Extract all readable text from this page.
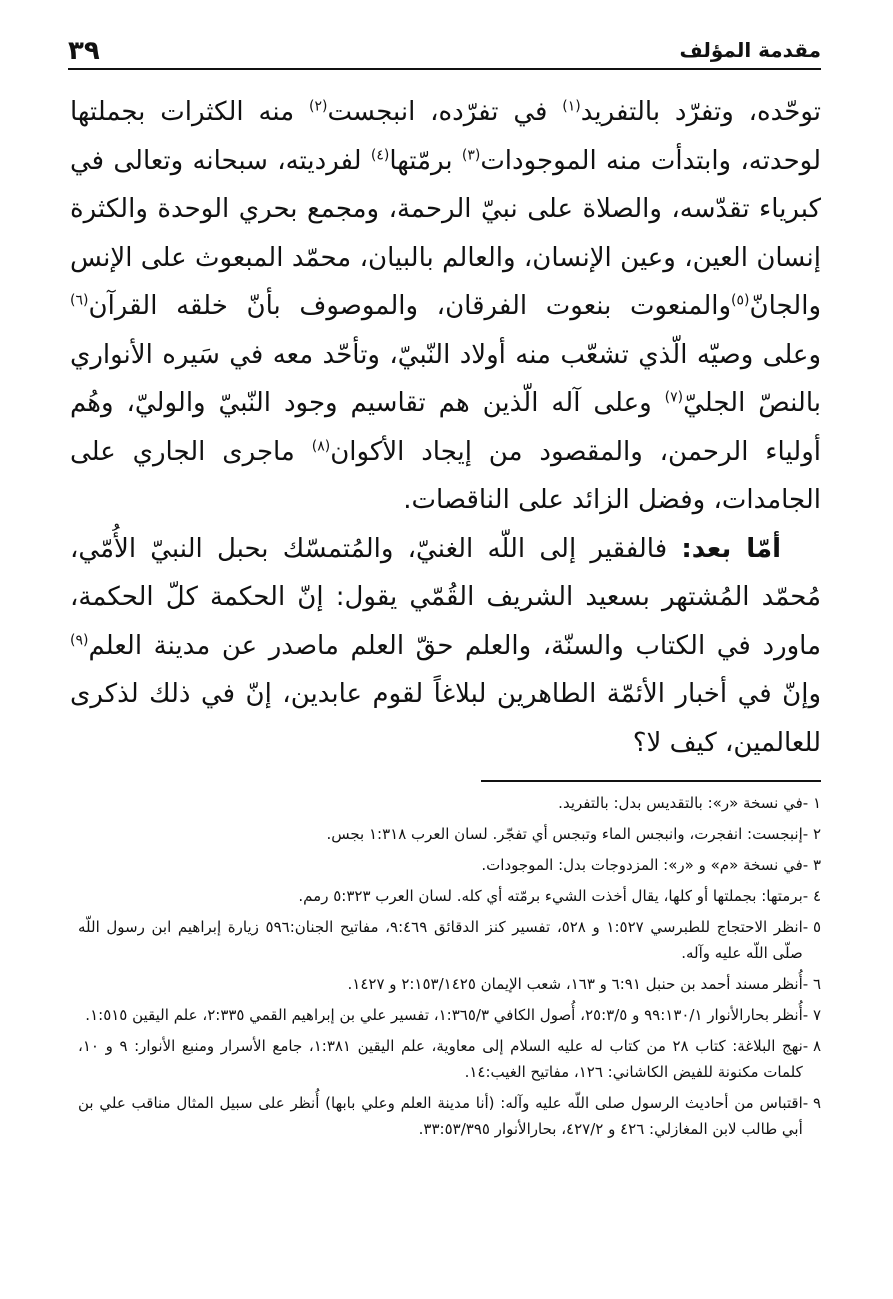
مقدمة المؤلف
٣٩

توحّده، وتفرّد بالتفريد$^{(١)}$ في تفرّده، انبجست$^{(٢)}$ منه الكثرات بجملتها لوحدته، وابتدأت منه الموجودات$^{(٣)}$ برمّتها$^{(٤)}$ لفرديته، سبحانه وتعالى في كبرياء تقدّسه، والصلاة على نبيّ الرحمة، ومجمع بحري الوحدة والكثرة إنسان العين، وعين الإنسان، والعالم بالبيان، محمّد المبعوث على الإنس والجانّ$^{(٥)}$والمنعوت بنعوت الفرقان، والموصوف بأنّ خلقه القرآن$^{(٦)}$ وعلى وصيّه الّذي تشعّب منه أولاد النّبيّ، وتأحّد معه في سَيره الأنواري بالنصّ الجليّ$^{(٧)}$ وعلى آله الّذين هم تقاسيم وجود النّبيّ والوليّ، وهُم أولياء الرحمن، والمقصود من إيجاد الأكوان$^{(٨)}$ ماجرى الجاري على الجامدات، وفضل الزائد على الناقصات.

أمّا بعد: فالفقير إلى اللّه الغنيّ، والمُتمسّك بحبل النبيّ الأُمّي، مُحمّد المُشتهر بسعيد الشريف القُمّي يقول: إنّ الحكمة كلّ الحكمة، ماورد في الكتاب والسنّة، والعلم حقّ العلم ماصدر عن مدينة العلم$^{(٩)}$ وإنّ في أخبار الأئمّة الطاهرين لبلاغاً لقوم عابدين، إنّ في ذلك لذكرى للعالمين، كيف لا؟

١ -
في نسخة «ر»: بالتقديس بدل: بالتفريد.
٢ -
إنبجست: انفجرت، وانبجس الماء وتبجس أي تفجّر. لسان العرب ١:٣١٨ بجس.
٣ -
في نسخة «م» و «ر»: المزدوجات بدل: الموجودات.
٤ -
برمتها: بجملتها أو كلها، يقال أخذت الشيء برمّته أي كله. لسان العرب ٥:٣٢٣ رمم.
٥ -
انظر الاحتجاج للطبرسي ١:٥٢٧ و ٥٢٨، تفسير كنز الدقائق ٩:٤٦٩، مفاتيح الجنان:٥٩٦ زيارة إبراهيم ابن رسول اللّه صلّى اللّه عليه وآله.
٦ -
أُنظر مسند أحمد بن حنبل ٦:٩١ و ١٦٣، شعب الإيمان ٢:١٥٣/١٤٢٥ و ١٤٢٧.
٧ -
أُنظر بحارالأنوار ٩٩:١٣٠/١ و ٢٥:٣/٥، أُصول الكافي ١:٣٦٥/٣، تفسير علي بن إبراهيم القمي ٢:٣٣٥، علم اليقين ١:٥١٥.
٨ -
نهج البلاغة: كتاب ٢٨ من كتاب له عليه السلام إلى معاوية، علم اليقين ١:٣٨١، جامع الأسرار ومنبع الأنوار: ٩ و ١٠، كلمات مكنونة للفيض الكاشاني: ١٢٦، مفاتيح الغيب:١٤.
٩ -
اقتباس من أحاديث الرسول صلى اللّه عليه وآله: (أنا مدينة العلم وعلي بابها) أُنظر على سبيل المثال مناقب علي بن أبي طالب لابن المغازلي: ٤٢٦ و ٤٢٧/٢، بحارالأنوار ٣٣:٥٣/٣٩٥.
